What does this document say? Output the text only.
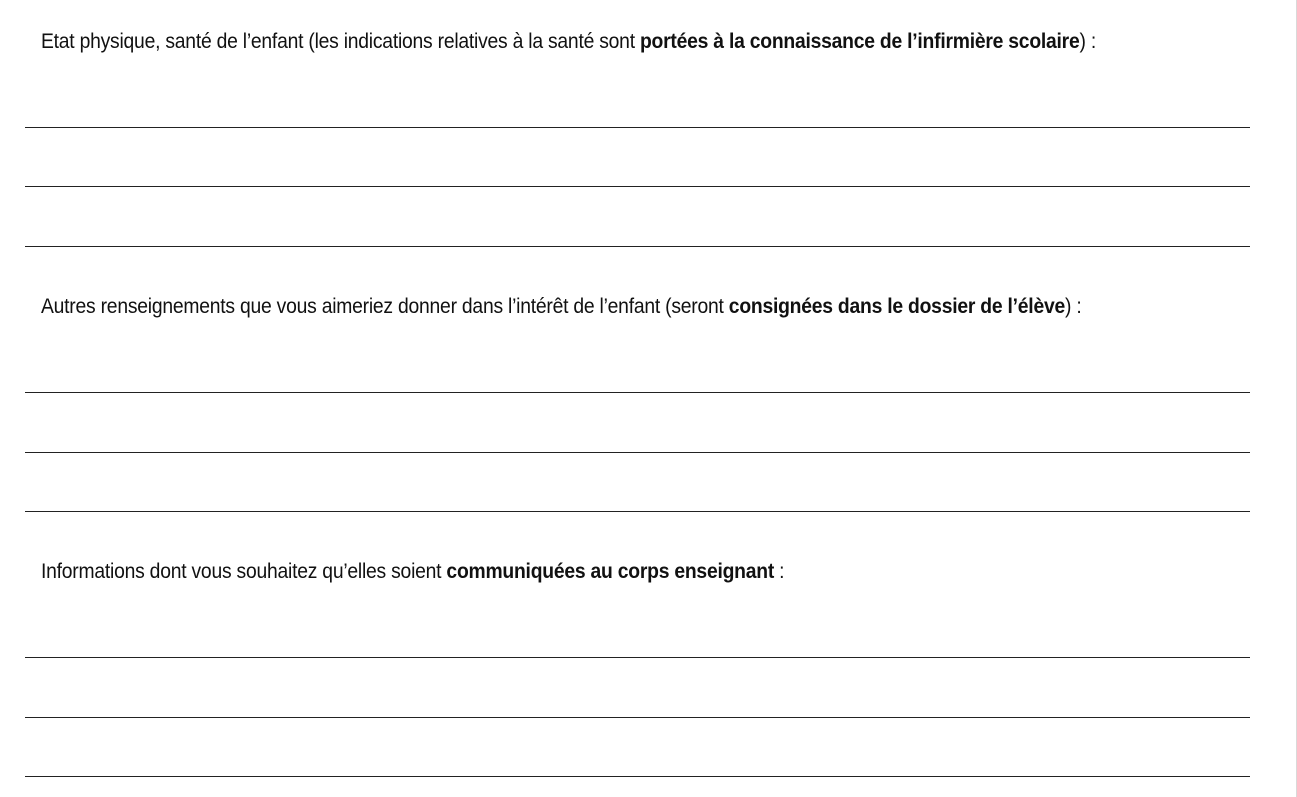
Etat physique, santé de l’enfant (les indications relatives à la santé sont portées à la connaissance de l’infirmière scolaire) :
Autres renseignements que vous aimeriez donner dans l’intérêt de l’enfant (seront consignées dans le dossier de l’élève) :
Informations dont vous souhaitez qu’elles soient communiquées au corps enseignant :
